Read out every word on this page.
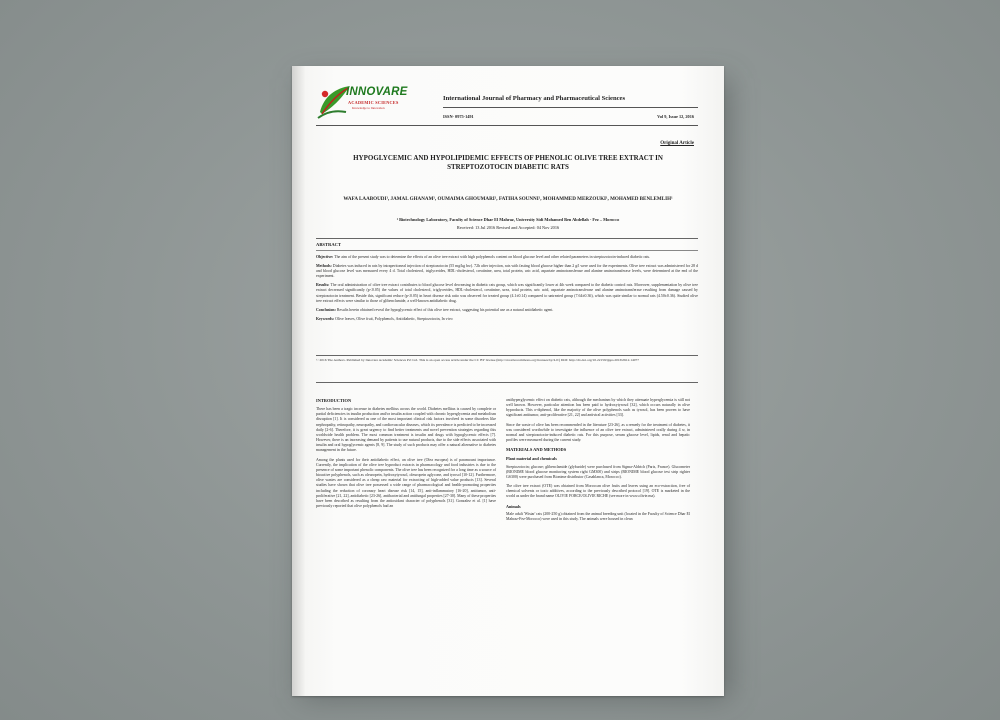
INNOVARE
ACADEMIC SCIENCES
Knowledge to Innovation
International Journal of Pharmacy and Pharmaceutical Sciences
ISSN- 0975-1491	Vol 9, Issue 12, 2016
Original Article
HYPOGLYCEMIC AND HYPOLIPIDEMIC EFFECTS OF PHENOLIC OLIVE TREE EXTRACT IN STREPTOZOTOCIN DIABETIC RATS
WAFA LAABOUDI¹, JAMAL GHANAM¹, OUMAIMA GHOUMARI¹, FATIHA SOUNNI¹, MOHAMMED MERZOUKI¹, MOHAMED BENLEMLIH¹
¹ Biotechnology Laboratory, Faculty of Science Dhar El Mahraz, University Sidi Mohamed Ben Abdellah - Fez – Morocco
Received: 13 Jul 2016 Revised and Accepted: 04 Nov 2016
ABSTRACT

Objective: The aim of the present study was to determine the effects of an olive tree extract with high polyphenols content on blood glucose level and other related parameters in streptozotocin-induced diabetic rats.

Methods: Diabetes was induced in rats by intraperitoneal injection of streptozotocin (55 mg/kg bw). 72h after injection, rats with fasting blood glucose higher than 2 g/l were used for the experiments. Olive tree extract was administered for 28 d and blood glucose level was measured every 4 d. Total cholesterol, triglycerides, HDL-cholesterol, creatinine, urea, total protein, uric acid, aspartate aminotransferase and alanine aminotransferase levels, were determined at the end of the experiment.

Results: The oral administration of olive tree extract contributes to blood glucose level decreasing in diabetic rats group, which was significantly lower at 4th week compared to the diabetic control rats. Moreover, supplementation by olive tree extract decreased significantly (p<0.05) the values of total cholesterol, triglycerides, HDL-cholesterol, creatinine, urea, total protein, uric acid, aspartate aminotransferase and alanine aminotransferase resulting from damage caused by streptozotocin treatment. Beside this, significant reduce (p<0.05) in heart disease risk ratio was observed for treated group (4.1±0.14) compared to untreated group (7.64±0.36), which was quite similar to normal rats (4.50±0.36). Studied olive tree extract effects were similar to those of glibenclamide, a well-known antidiabetic drug.

Conclusion: Results herein obtained reveal the hypoglycemic effect of this olive tree extract, suggesting his potential use as a natural antidiabetic agent.

Keywords: Olive leaves, Olive fruit, Polyphenols, Antidiabetic, Streptozotocin, In vivo

© 2016 The Authors. Published by Innovare Academic Sciences Pvt Ltd. This is an open access article under the CC BY license (http://creativecommons.org/licenses/by/4.0/) DOI: http://dx.doi.org/10.22159/ijpps.2016v8i12.14077
INTRODUCTION

There has been a tragic increase in diabetes mellitus across the world. Diabetes mellitus is caused by complete or partial deficiencies in insulin production and/or insulin action coupled with chronic hyperglycemia and metabolism disruption [1]. It is considered as one of the most important clinical risk factors involved in some disorders like nephropathy, retinopathy, neuropathy, and cardiovascular diseases, which its prevalence is predicted to be increased daily [2-6]. Therefore, it is great urgency to find better treatments and novel prevention strategies regarding this worldwide health problem. The most common treatment is insulin and drugs with hypoglycemic effects [7]. However, there is an increasing demand by patients to use natural products, due to the side effects associated with insulin and oral hypoglycemic agents [8, 9]. The study of such products may offer a natural alternative to diabetes management in the future.

Among the plants used for their antidiabetic effect, an olive tree (Olea europea) is of paramount importance. Currently, the implication of the olive tree byproduct extracts in pharmacology and food industries is due to the presence of some important phenolic components. The olive tree has been recognized for a long time as a source of bioactive polyphenols, such as oleuropein, hydroxytyrosol, oleuropein aglycone, and tyrosol [10-12]. Furthermore, olive wastes are considered as a cheap raw material for extracting of high-added value products [13]. Several studies have shown that olive tree possessed a wide range of pharmacological and health-promoting properties including the reduction of coronary heart disease risk [14, 15], anti-inflammatory [16-20], antitumor, anti-proliferative [21, 22], antidiabetic [23-26], antibacterial and antifungal properties [27-30]. Many of these properties have been described as resulting from the antioxidant character of polyphenols [31]. Gonzalez et al. [1] have previously reported that olive polyphenols had an

antihyperglycemic effect on diabetic rats, although the mechanism by which they attenuate hyperglycemia is still not well known. However, particular attention has been paid to hydroxytyrosol [32], which occurs naturally in olive byproducts. This o-diphenol, like the majority of the olive polyphenols such as tyrosol, has been proven to have significant antitumor, anti-proliferative [21, 22] and antiviral activities [33].

Since the waste of olive has been recommended in the literature [23-26], as a remedy for the treatment of diabetes, it was considered worthwhile to investigate the influence of an olive tree extract, administered orally during 4 w, in normal and streptozotocin-induced diabetic rats. For this purpose, serum glucose level, lipids, renal and hepatic profiles were measured during the current study.

MATERIALS AND METHODS
Plant material and chemicals

Streptozotocin; glucose; glibenclamide (glyburide) were purchased from Sigma-Aldrich (Paris, France). Glucometer (BIONIME blood glucose monitoring system right GM300) and strips (BIONIME blood glucose test strip righter GS300) were purchased from Bionime distributor (Casablanca, Morocco).

The olive tree extract (OTE) was obtained from Moroccan olive fruits and leaves using an eco-extraction, free of chemical solvents or toxic additives, according to the previously described protocol [19]. OTE is marketed in the world as under the brand name OLIVIE FORCE/OLIVIE RICHE (see more in www.olivie.ma).

Animals

Male adult 'Wistar' rats (200-250 g) obtained from the animal breeding unit (located in the Faculty of Science Dhar El Mahraz-Fez-Morocco) were used in this study. The animals were housed in clean
